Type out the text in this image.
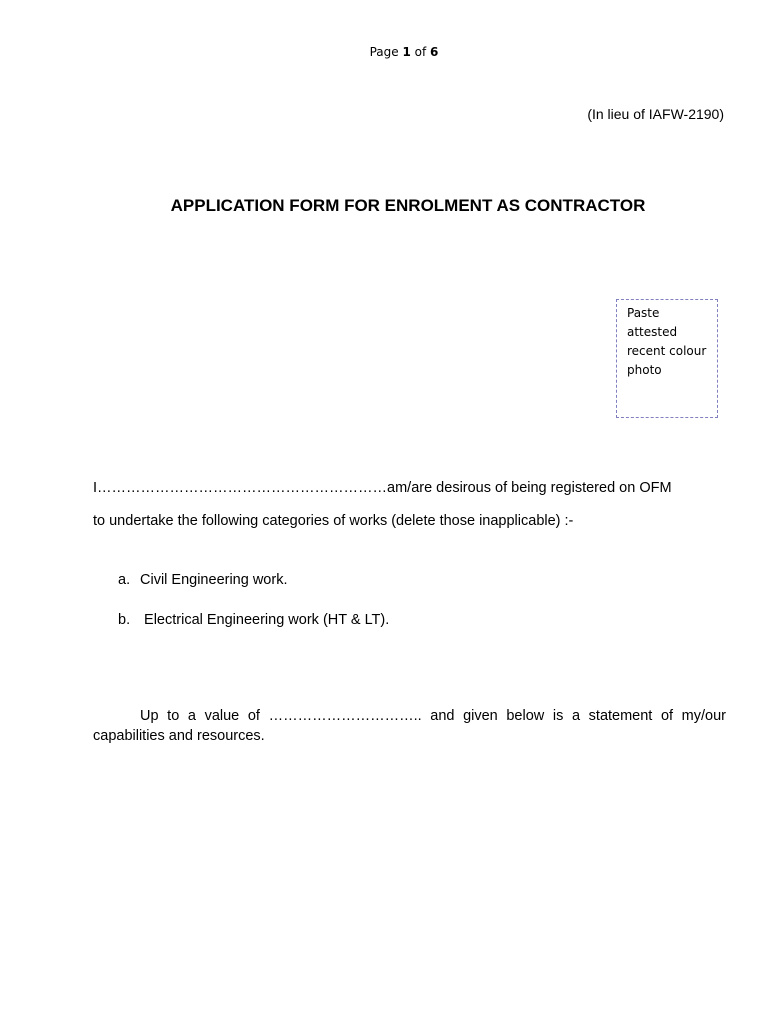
Page 1 of 6
(In lieu of IAFW-2190)
APPLICATION FORM FOR ENROLMENT AS CONTRACTOR
Paste
attested
recent colour
photo
I……………………………………………………am/are desirous of being registered on OFM
to undertake the following categories of works (delete those inapplicable) :-
a. Civil Engineering work.
b. Electrical Engineering work (HT & LT).
Up to a value of ………………………….. and given below is a statement of my/our capabilities and resources.
